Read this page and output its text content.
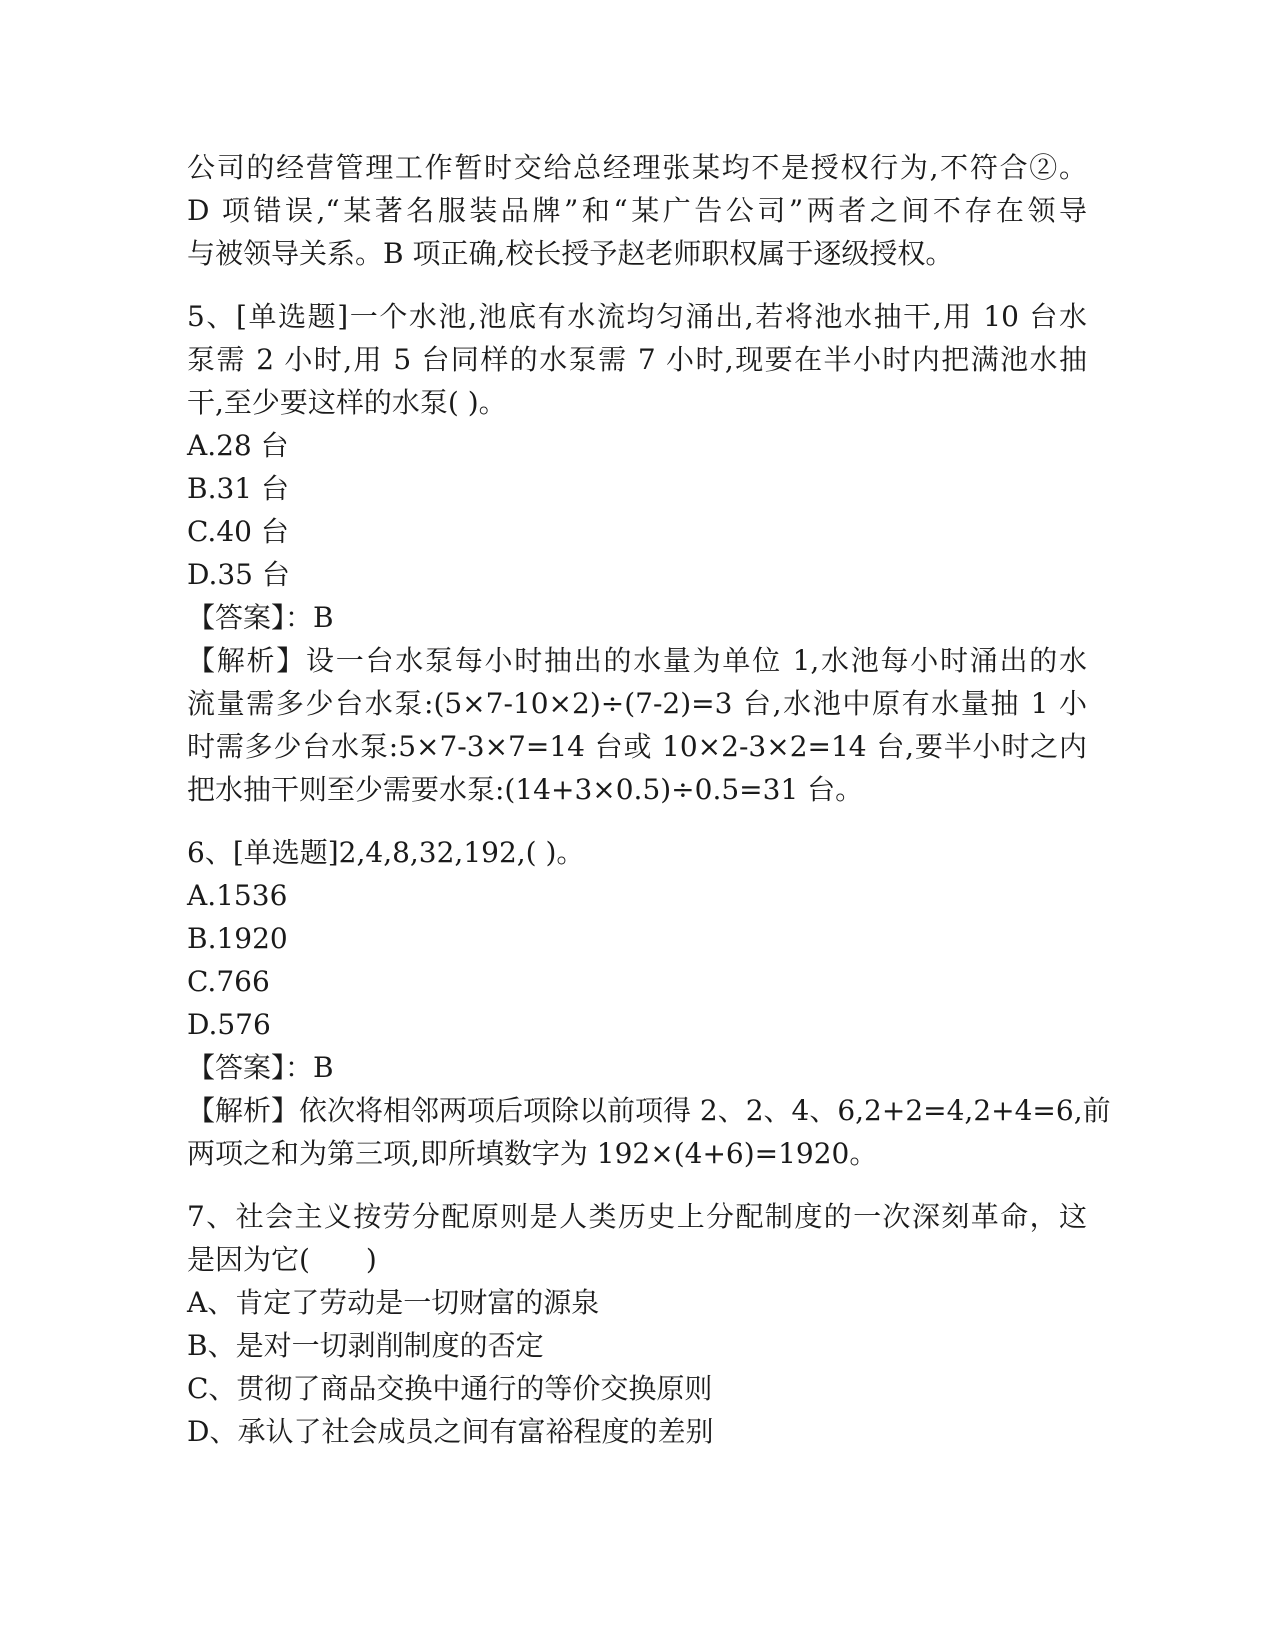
公司的经营管理工作暂时交给总经理张某均不是授权行为,不符合②。
D 项错误,“某著名服装品牌”和“某广告公司”两者之间不存在领导
与被领导关系。B 项正确,校长授予赵老师职权属于逐级授权。
5、[单选题]一个水池,池底有水流均匀涌出,若将池水抽干,用 10 台水
泵需 2 小时,用 5 台同样的水泵需 7 小时,现要在半小时内把满池水抽
干,至少要这样的水泵( )。
A.28 台
B.31 台
C.40 台
D.35 台
【答案】：B
【解析】设一台水泵每小时抽出的水量为单位 1,水池每小时涌出的水
流量需多少台水泵:(5×7-10×2)÷(7-2)=3 台,水池中原有水量抽 1 小
时需多少台水泵:5×7-3×7=14 台或 10×2-3×2=14 台,要半小时之内
把水抽干则至少需要水泵:(14+3×0.5)÷0.5=31 台。
6、[单选题]2,4,8,32,192,( )。
A.1536
B.1920
C.766
D.576
【答案】：B
【解析】依次将相邻两项后项除以前项得 2、2、4、6,2+2=4,2+4=6,前
两项之和为第三项,即所填数字为 192×(4+6)=1920。
7、社会主义按劳分配原则是人类历史上分配制度的一次深刻革命，这
是因为它(　　)
A、肯定了劳动是一切财富的源泉
B、是对一切剥削制度的否定
C、贯彻了商品交换中通行的等价交换原则
D、承认了社会成员之间有富裕程度的差别
